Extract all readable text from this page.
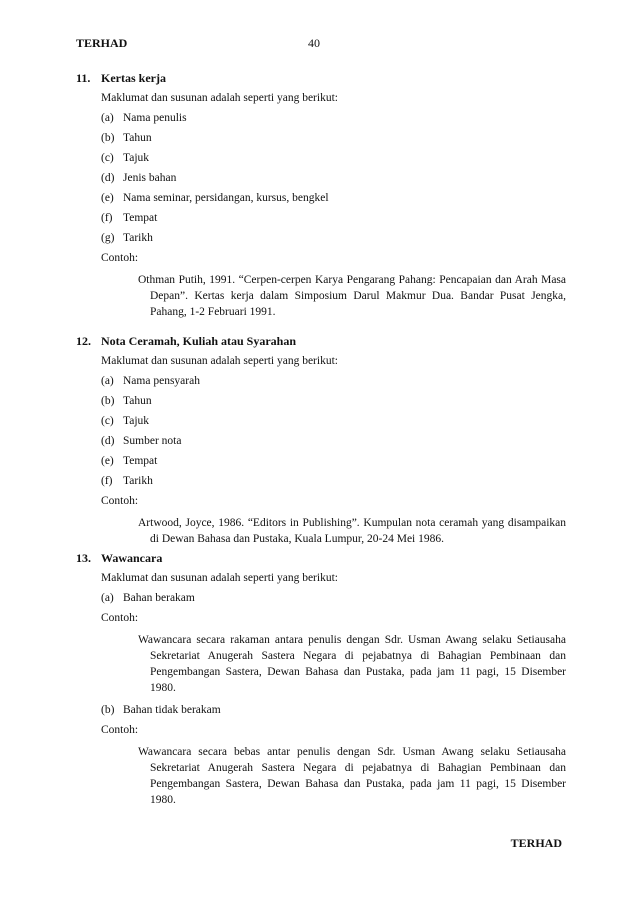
TERHAD	40
11. Kertas kerja
Maklumat dan susunan adalah seperti yang berikut:
(a) Nama penulis
(b) Tahun
(c) Tajuk
(d) Jenis bahan
(e) Nama seminar, persidangan, kursus, bengkel
(f) Tempat
(g) Tarikh
Contoh:
Othman Putih, 1991. “Cerpen-cerpen Karya Pengarang Pahang: Pencapaian dan Arah Masa Depan”. Kertas kerja dalam Simposium Darul Makmur Dua. Bandar Pusat Jengka, Pahang, 1-2 Februari 1991.
12. Nota Ceramah, Kuliah atau Syarahan
Maklumat dan susunan adalah seperti yang berikut:
(a) Nama pensyarah
(b) Tahun
(c) Tajuk
(d) Sumber nota
(e) Tempat
(f) Tarikh
Contoh:
Artwood, Joyce, 1986. “Editors in Publishing”. Kumpulan nota ceramah yang disampaikan di Dewan Bahasa dan Pustaka, Kuala Lumpur, 20-24 Mei 1986.
13. Wawancara
Maklumat dan susunan adalah seperti yang berikut:
(a) Bahan berakam
Contoh:
Wawancara secara rakaman antara penulis dengan Sdr. Usman Awang selaku Setiausaha Sekretariat Anugerah Sastera Negara di pejabatnya di Bahagian Pembinaan dan Pengembangan Sastera, Dewan Bahasa dan Pustaka, pada jam 11 pagi, 15 Disember 1980.
(b) Bahan tidak berakam
Contoh:
Wawancara secara bebas antar penulis dengan Sdr. Usman Awang selaku Setiausaha Sekretariat Anugerah Sastera Negara di pejabatnya di Bahagian Pembinaan dan Pengembangan Sastera, Dewan Bahasa dan Pustaka, pada jam 11 pagi, 15 Disember 1980.
TERHAD
